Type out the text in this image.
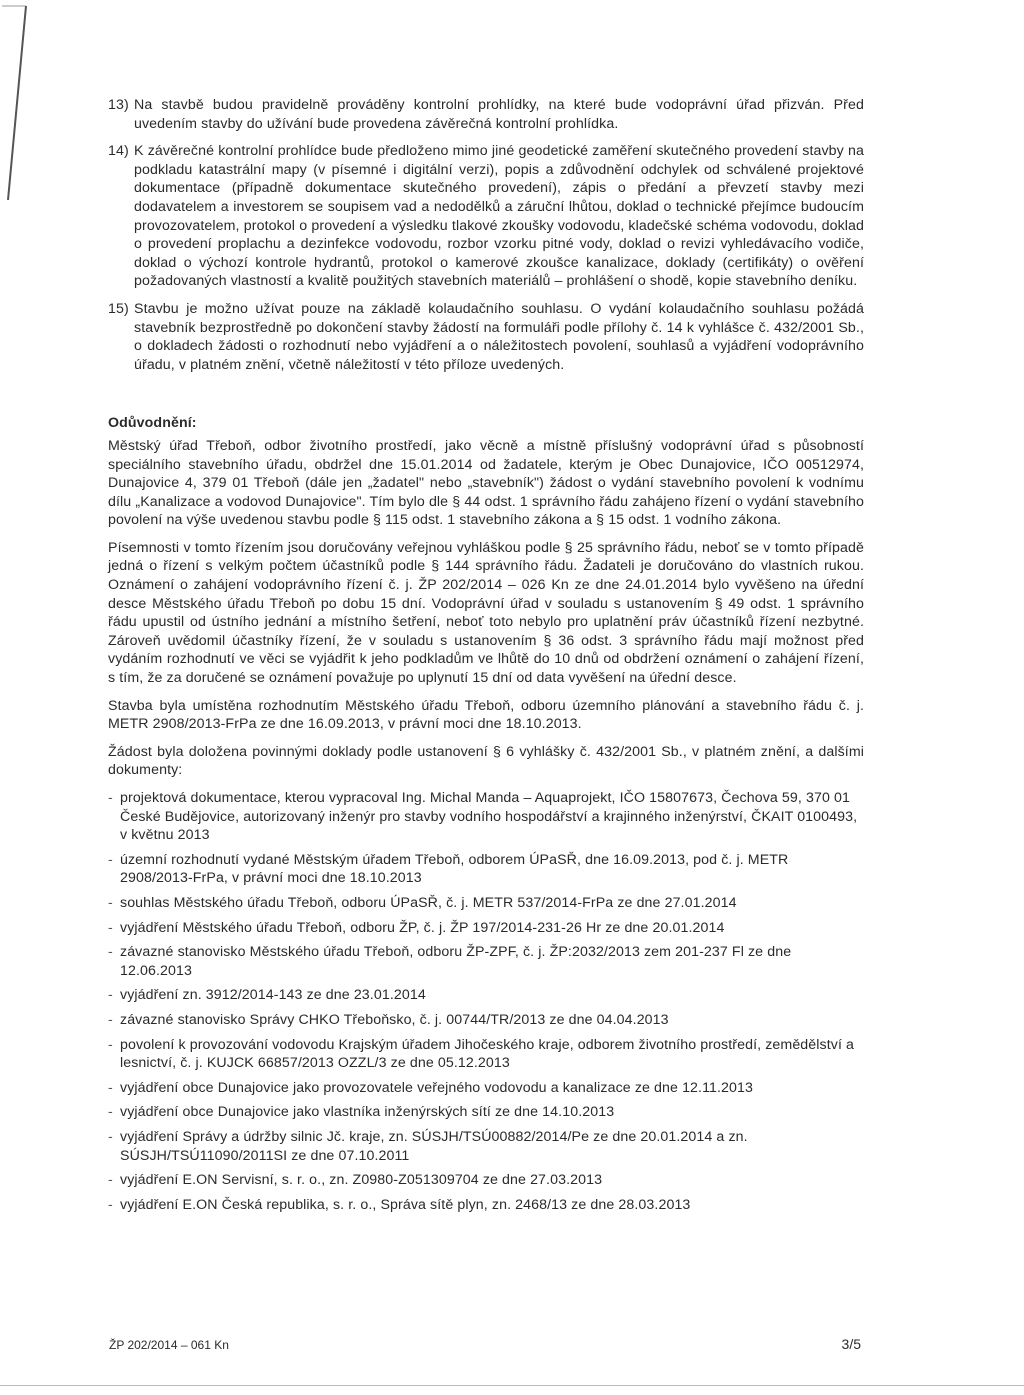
13) Na stavbě budou pravidelně prováděny kontrolní prohlídky, na které bude vodoprávní úřad přizván. Před uvedením stavby do užívání bude provedena závěrečná kontrolní prohlídka.
14) K závěrečné kontrolní prohlídce bude předloženo mimo jiné geodetické zaměření skutečného provedení stavby na podkladu katastrální mapy (v písemné i digitální verzi), popis a zdůvodnění odchylek od schválené projektové dokumentace (případně dokumentace skutečného provedení), zápis o předání a převzetí stavby mezi dodavatelem a investorem se soupisem vad a nedodělků a záruční lhůtou, doklad o technické přejímce budoucím provozovatelem, protokol o provedení a výsledku tlakové zkoušky vodovodu, kladečské schéma vodovodu, doklad o provedení proplachu a dezinfekce vodovodu, rozbor vzorku pitné vody, doklad o revizi vyhledávacího vodiče, doklad o výchozí kontrole hydrantů, protokol o kamerové zkoušce kanalizace, doklady (certifikáty) o ověření požadovaných vlastností a kvalitě použitých stavebních materiálů – prohlášení o shodě, kopie stavebního deníku.
15) Stavbu je možno užívat pouze na základě kolaudačního souhlasu. O vydání kolaudačního souhlasu požádá stavebník bezprostředně po dokončení stavby žádostí na formuláři podle přílohy č. 14 k vyhlášce č. 432/2001 Sb., o dokladech žádosti o rozhodnutí nebo vyjádření a o náležitostech povolení, souhlasů a vyjádření vodoprávního úřadu, v platném znění, včetně náležitostí v této příloze uvedených.
Odůvodnění:

Městský úřad Třeboň, odbor životního prostředí, jako věcně a místně příslušný vodoprávní úřad s působností speciálního stavebního úřadu, obdržel dne 15.01.2014 od žadatele, kterým je Obec Dunajovice, IČO 00512974, Dunajovice 4, 379 01 Třeboň (dále jen „žadatel" nebo „stavebník") žádost o vydání stavebního povolení k vodnímu dílu „Kanalizace a vodovod Dunajovice". Tím bylo dle § 44 odst. 1 správního řádu zahájeno řízení o vydání stavebního povolení na výše uvedenou stavbu podle § 115 odst. 1 stavebního zákona a § 15 odst. 1 vodního zákona.

Písemnosti v tomto řízením jsou doručovány veřejnou vyhláškou podle § 25 správního řádu, neboť se v tomto případě jedná o řízení s velkým počtem účastníků podle § 144 správního řádu. Žadateli je doručováno do vlastních rukou. Oznámení o zahájení vodoprávního řízení č. j. ŽP 202/2014 – 026 Kn ze dne 24.01.2014 bylo vyvěšeno na úřední desce Městského úřadu Třeboň po dobu 15 dní. Vodoprávní úřad v souladu s ustanovením § 49 odst. 1 správního řádu upustil od ústního jednání a místního šetření, neboť toto nebylo pro uplatnění práv účastníků řízení nezbytné. Zároveň uvědomil účastníky řízení, že v souladu s ustanovením § 36 odst. 3 správního řádu mají možnost před vydáním rozhodnutí ve věci se vyjádřit k jeho podkladům ve lhůtě do 10 dnů od obdržení oznámení o zahájení řízení, s tím, že za doručené se oznámení považuje po uplynutí 15 dní od data vyvěšení na úřední desce.

Stavba byla umístěna rozhodnutím Městského úřadu Třeboň, odboru územního plánování a stavebního řádu č. j. METR 2908/2013-FrPa ze dne 16.09.2013, v právní moci dne 18.10.2013.

Žádost byla doložena povinnými doklady podle ustanovení § 6 vyhlášky č. 432/2001 Sb., v platném znění, a dalšími dokumenty:

- projektová dokumentace, kterou vypracoval Ing. Michal Manda – Aquaprojekt, IČO 15807673, Čechova 59, 370 01 České Budějovice, autorizovaný inženýr pro stavby vodního hospodářství a krajinného inženýrství, ČKAIT 0100493, v květnu 2013
- územní rozhodnutí vydané Městským úřadem Třeboň, odborem ÚPaSŘ, dne 16.09.2013, pod č. j. METR 2908/2013-FrPa, v právní moci dne 18.10.2013
- souhlas Městského úřadu Třeboň, odboru ÚPaSŘ, č. j. METR 537/2014-FrPa ze dne 27.01.2014
- vyjádření Městského úřadu Třeboň, odboru ŽP, č. j. ŽP 197/2014-231-26 Hr ze dne 20.01.2014
- závazné stanovisko Městského úřadu Třeboň, odboru ŽP-ZPF, č. j. ŽP:2032/2013 zem 201-237 Fl ze dne 12.06.2013
- vyjádření zn. 3912/2014-143 ze dne 23.01.2014
- závazné stanovisko Správy CHKO Třeboňsko, č. j. 00744/TR/2013 ze dne 04.04.2013
- povolení k provozování vodovodu Krajským úřadem Jihočeského kraje, odborem životního prostředí, zemědělství a lesnictví, č. j. KUJCK 66857/2013 OZZL/3 ze dne 05.12.2013
- vyjádření obce Dunajovice jako provozovatele veřejného vodovodu a kanalizace ze dne 12.11.2013
- vyjádření obce Dunajovice jako vlastníka inženýrských sítí ze dne 14.10.2013
- vyjádření Správy a údržby silnic Jč. kraje, zn. SÚSJH/TSÚ00882/2014/Pe ze dne 20.01.2014 a zn. SÚSJH/TSÚ11090/2011SI ze dne 07.10.2011
- vyjádření E.ON Servisní, s. r. o., zn. Z0980-Z051309704 ze dne 27.03.2013
- vyjádření E.ON Česká republika, s. r. o., Správa sítě plyn, zn. 2468/13 ze dne 28.03.2013
ŽP 202/2014 – 061 Kn	3/5
